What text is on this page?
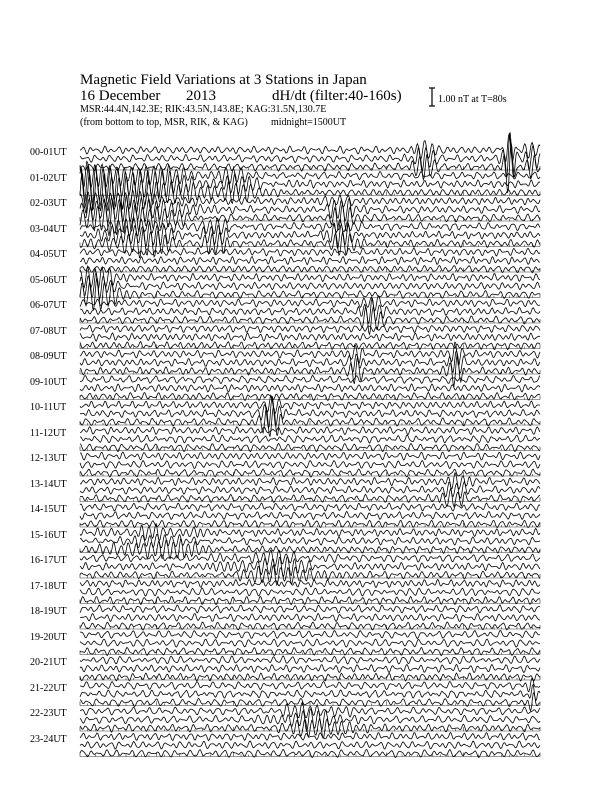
Magnetic Field Variations at 3 Stations in Japan
16 December 2013	dH/dt (filter:40-160s)
MSR:44.4N,142.3E; RIK:43.5N,143.8E; KAG:31.5N,130.7E
(from bottom to top, MSR, RIK, & KAG) midnight=1500UT
1.00 nT at T=80s
00-01UT
01-02UT
02-03UT
03-04UT
04-05UT
05-06UT
06-07UT
07-08UT
08-09UT
09-10UT
10-11UT
11-12UT
12-13UT
13-14UT
14-15UT
15-16UT
16-17UT
17-18UT
18-19UT
19-20UT
20-21UT
21-22UT
22-23UT
23-24UT
